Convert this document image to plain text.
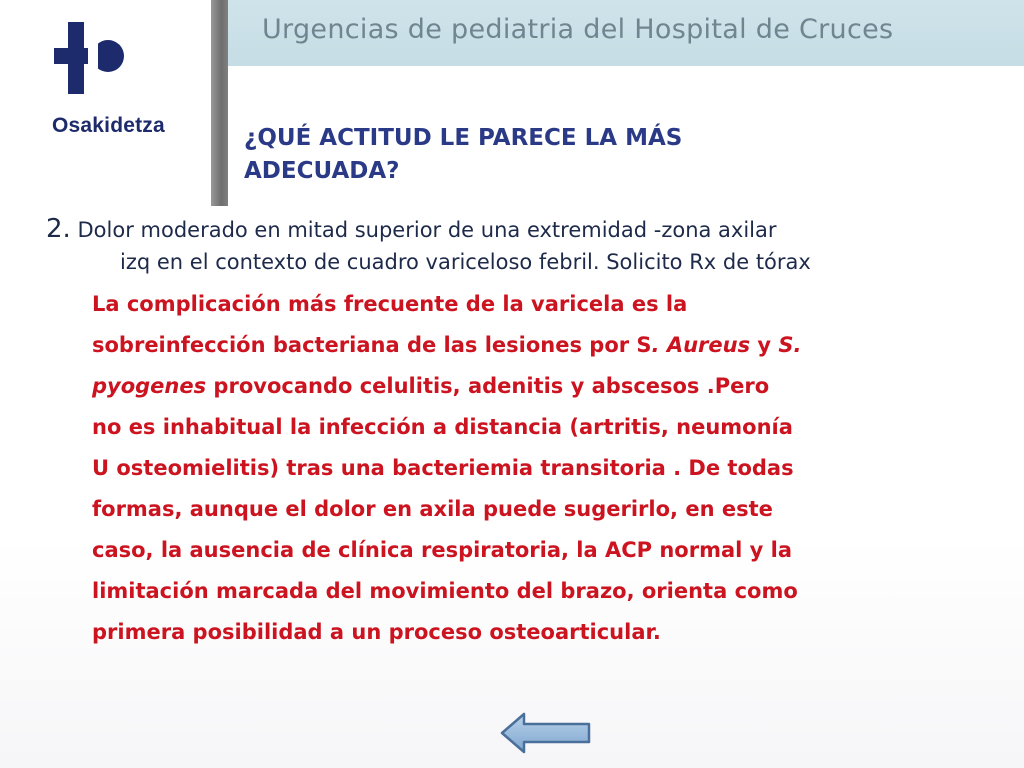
Urgencias de pediatria del Hospital de Cruces
Osakidetza	¿QUÉ ACTITUD LE PARECE LA MÁS
ADECUADA?
2. Dolor moderado en mitad superior de una extremidad -zona axilar
izq en el contexto de cuadro variceloso febril. Solicito Rx de tórax
La complicación más frecuente de la varicela es la
sobreinfección bacteriana de las lesiones por S. Aureus y S.
pyogenes provocando celulitis, adenitis y abscesos .Pero
no es inhabitual la infección a distancia (artritis, neumonía
U osteomielitis) tras una bacteriemia transitoria . De todas
formas, aunque el dolor en axila puede sugerirlo, en este
caso, la ausencia de clínica respiratoria, la ACP normal y la
limitación marcada del movimiento del brazo, orienta como
primera posibilidad a un proceso osteoarticular.
